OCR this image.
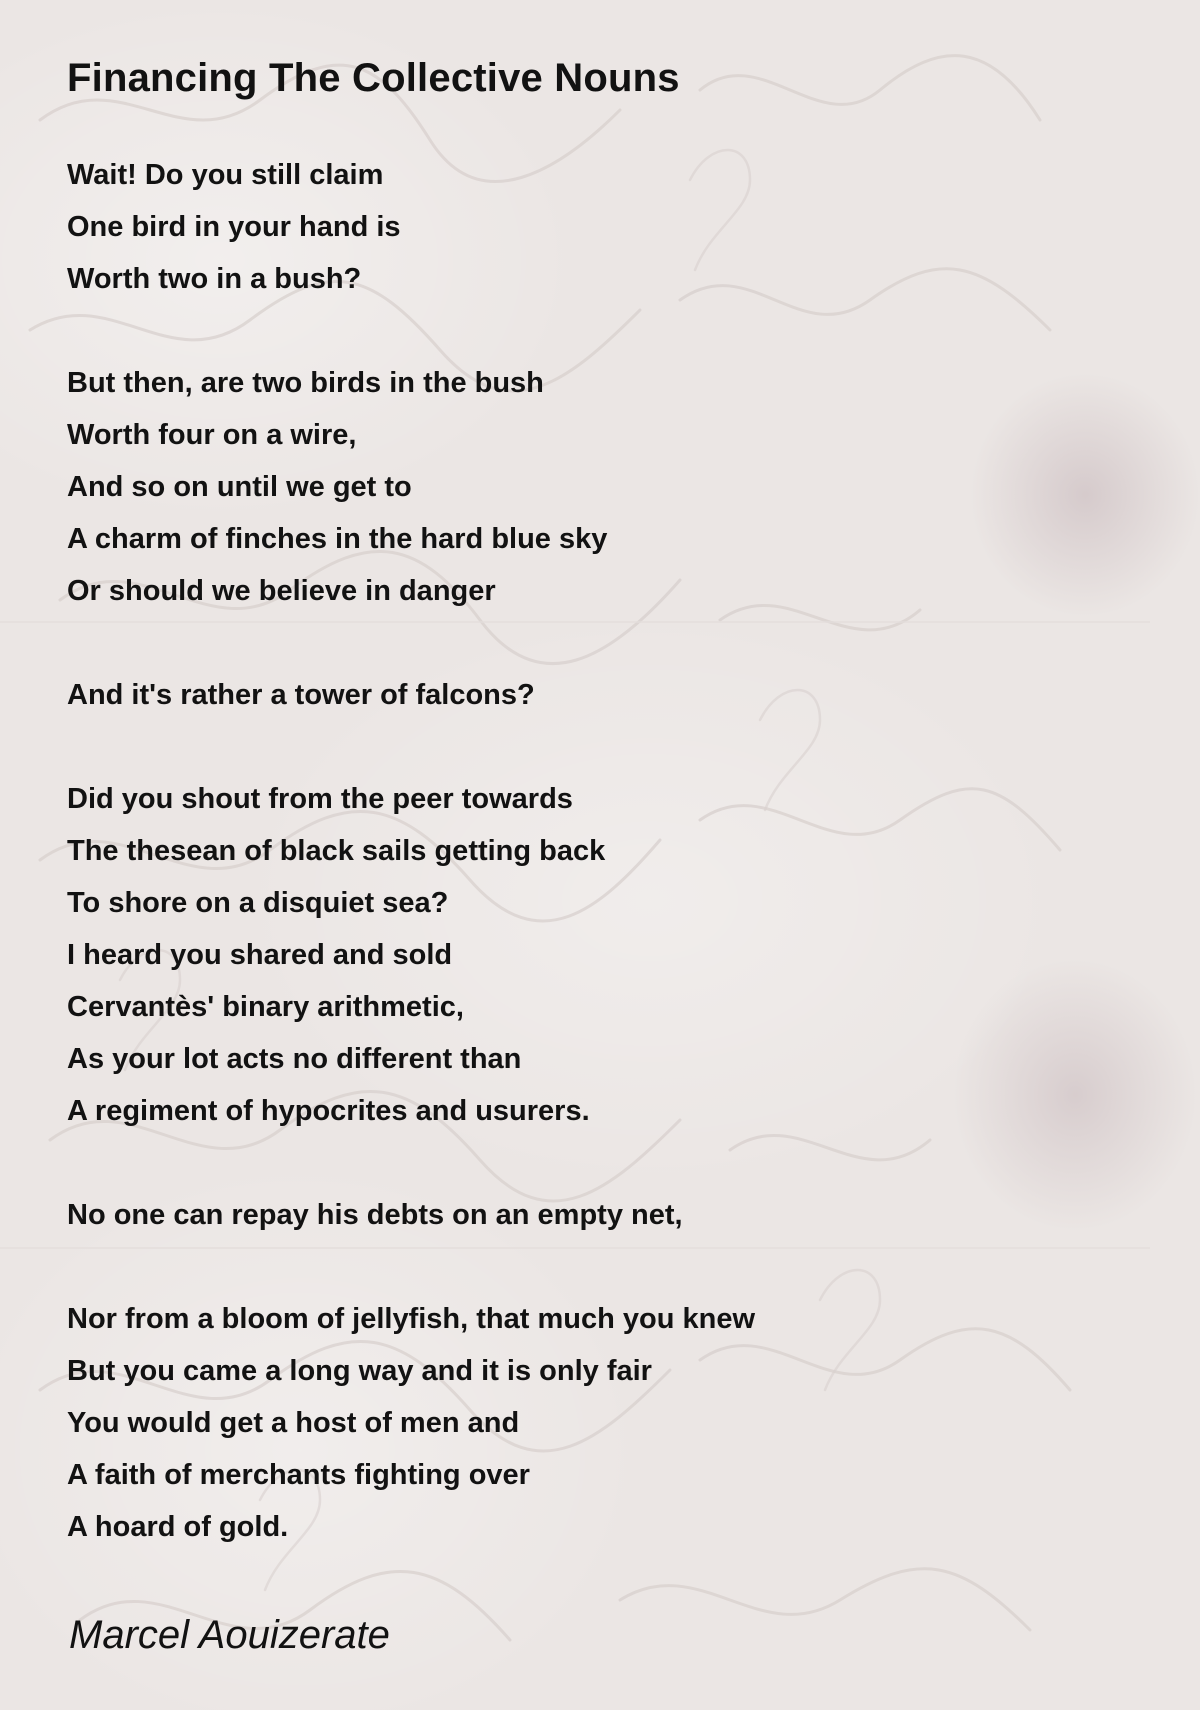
Financing The Collective Nouns
Wait! Do you still claim
One bird in your hand is
Worth two in a bush?
But then, are two birds in the bush
Worth four on a wire,
And so on until we get to
A charm of finches in the hard blue sky
Or should we believe in danger
And it's rather a tower of falcons?
Did you shout from the peer towards
The thesean of black sails getting back
To shore on a disquiet sea?
I heard you shared and sold
Cervantès' binary arithmetic,
As your lot acts no different than
A regiment of hypocrites and usurers.
No one can repay his debts on an empty net,
Nor from a bloom of jellyfish, that much you knew
But you came a long way and it is only fair
You would get a host of men and
A faith of merchants fighting over
A hoard of gold.
Marcel Aouizerate
